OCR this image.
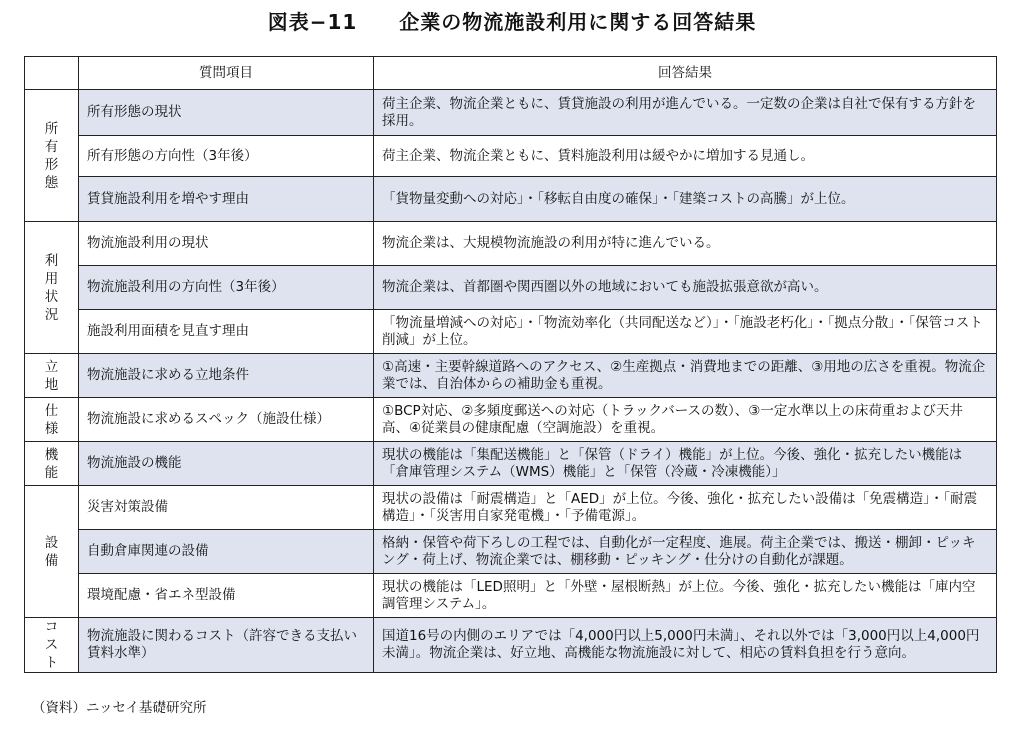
図表−11　　企業の物流施設利用に関する回答結果
	質問項目	回答結果
所有形態	所有形態の現状	荷主企業、物流企業ともに、賃貸施設の利用が進んでいる。一定数の企業は自社で保有する方針を採用。
	所有形態の方向性（3年後）	荷主企業、物流企業ともに、賃料施設利用は緩やかに増加する見通し。
	賃貸施設利用を増やす理由	「貨物量変動への対応」・「移転自由度の確保」・「建築コストの高騰」が上位。
利用状況	物流施設利用の現状	物流企業は、大規模物流施設の利用が特に進んでいる。
	物流施設利用の方向性（3年後）	物流企業は、首都圏や関西圏以外の地域においても施設拡張意欲が高い。
	施設利用面積を見直す理由	「物流量増減への対応」・「物流効率化（共同配送など）」・「施設老朽化」・「拠点分散」・「保管コスト削減」が上位。
立地	物流施設に求める立地条件	①高速・主要幹線道路へのアクセス、②生産拠点・消費地までの距離、③用地の広さを重視。物流企業では、自治体からの補助金も重視。
仕様	物流施設に求めるスペック（施設仕様）	①BCP対応、②多頻度郵送への対応（トラックバースの数）、③一定水準以上の床荷重および天井高、④従業員の健康配慮（空調施設）を重視。
機能	物流施設の機能	現状の機能は「集配送機能」と「保管（ドライ）機能」が上位。今後、強化・拡充したい機能は「倉庫管理システム（WMS）機能」と「保管（冷蔵・冷凍機能）」
設備	災害対策設備	現状の設備は「耐震構造」と「AED」が上位。今後、強化・拡充したい設備は「免震構造」・「耐震構造」・「災害用自家発電機」・「予備電源」。
	自動倉庫関連の設備	格納・保管や荷下ろしの工程では、自動化が一定程度、進展。荷主企業では、搬送・棚卸・ピッキング・荷上げ、物流企業では、棚移動・ピッキング・仕分けの自動化が課題。
	環境配慮・省エネ型設備	現状の機能は「LED照明」と「外壁・屋根断熱」が上位。今後、強化・拡充したい機能は「庫内空調管理システム」。
コスト	物流施設に関わるコスト（許容できる支払い賃料水準）	国道16号の内側のエリアでは「4,000円以上5,000円未満」、それ以外では「3,000円以上4,000円未満」。物流企業は、好立地、高機能な物流施設に対して、相応の賃料負担を行う意向。
（資料）ニッセイ基礎研究所
